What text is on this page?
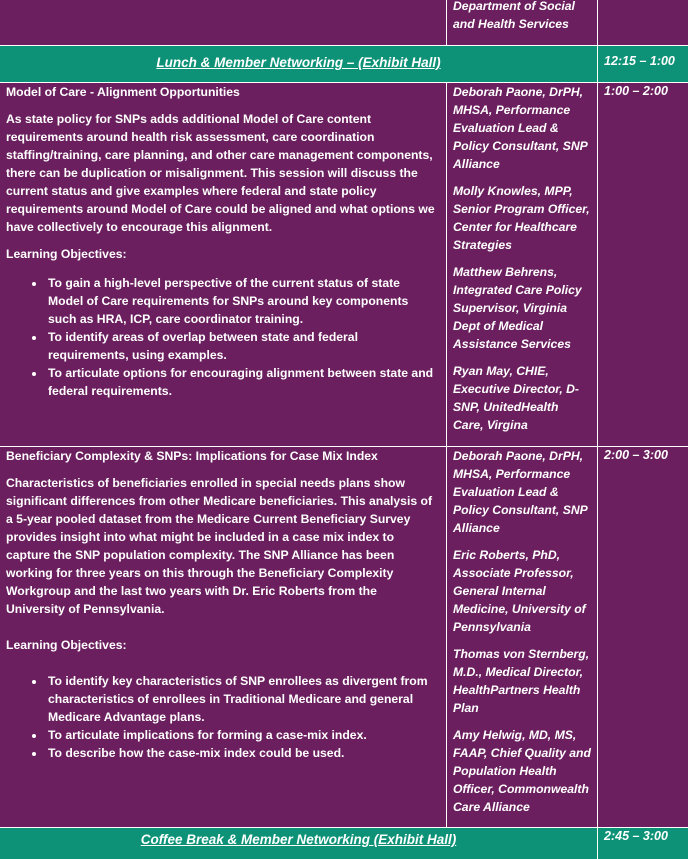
Department of Social and Health Services
Lunch & Member Networking – (Exhibit Hall)	12:15 – 1:00
Model of Care - Alignment Opportunities

As state policy for SNPs adds additional Model of Care content requirements around health risk assessment, care coordination staffing/training, care planning, and other care management components, there can be duplication or misalignment. This session will discuss the current status and give examples where federal and state policy requirements around Model of Care could be aligned and what options we have collectively to encourage this alignment.

Learning Objectives:

• To gain a high-level perspective of the current status of state Model of Care requirements for SNPs around key components such as HRA, ICP, care coordinator training.
• To identify areas of overlap between state and federal requirements, using examples.
• To articulate options for encouraging alignment between state and federal requirements.

Deborah Paone, DrPH, MHSA, Performance Evaluation Lead & Policy Consultant, SNP Alliance

Molly Knowles, MPP, Senior Program Officer, Center for Healthcare Strategies

Matthew Behrens, Integrated Care Policy Supervisor, Virginia Dept of Medical Assistance Services

Ryan May, CHIE, Executive Director, D-SNP, UnitedHealth Care, Virgina

1:00 – 2:00
Beneficiary Complexity & SNPs: Implications for Case Mix Index

Characteristics of beneficiaries enrolled in special needs plans show significant differences from other Medicare beneficiaries. This analysis of a 5-year pooled dataset from the Medicare Current Beneficiary Survey provides insight into what might be included in a case mix index to capture the SNP population complexity. The SNP Alliance has been working for three years on this through the Beneficiary Complexity Workgroup and the last two years with Dr. Eric Roberts from the University of Pennsylvania.

Learning Objectives:

• To identify key characteristics of SNP enrollees as divergent from characteristics of enrollees in Traditional Medicare and general Medicare Advantage plans.
• To articulate implications for forming a case-mix index.
• To describe how the case-mix index could be used.

Deborah Paone, DrPH, MHSA, Performance Evaluation Lead & Policy Consultant, SNP Alliance

Eric Roberts, PhD, Associate Professor, General Internal Medicine, University of Pennsylvania

Thomas von Sternberg, M.D., Medical Director, HealthPartners Health Plan

Amy Helwig, MD, MS, FAAP, Chief Quality and Population Health Officer, Commonwealth Care Alliance

2:00 – 3:00
Coffee Break & Member Networking (Exhibit Hall)	2:45 – 3:00
